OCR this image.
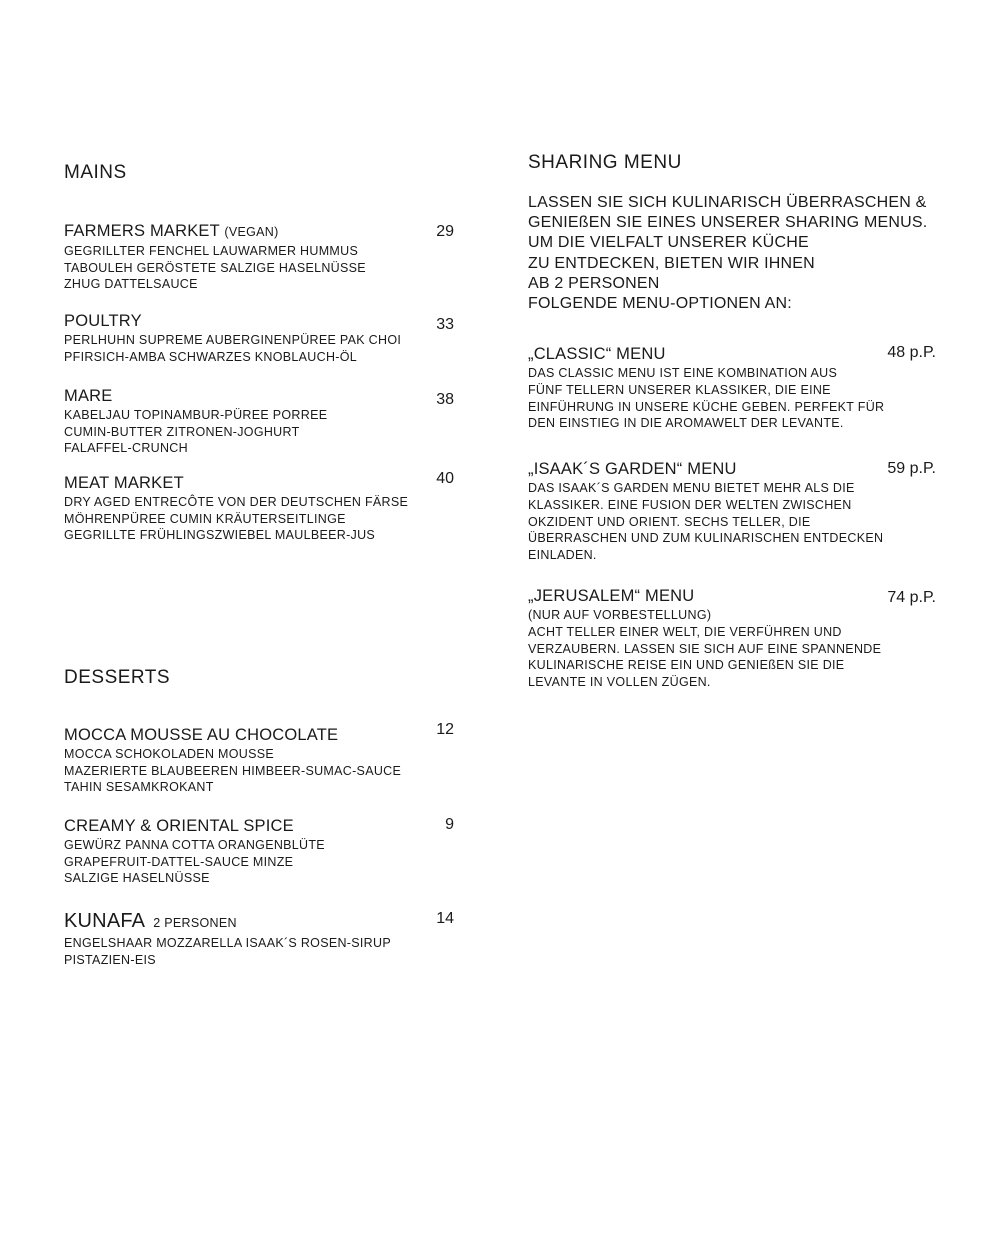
MAINS
FARMERS MARKET (VEGAN)	29
GEGRILLTER FENCHEL LAUWARMER HUMMUS
TABOULEH GERÖSTETE SALZIGE HASELNÜSSE
ZHUG DATTELSAUCE
POULTRY	33
PERLHUHN SUPREME AUBERGINENPÜREE PAK CHOI
PFIRSICH-AMBA SCHWARZES KNOBLAUCH-ÖL
MARE	38
KABELJAU TOPINAMBUR-PÜREE PORREE
CUMIN-BUTTER ZITRONEN-JOGHURT
FALAFFEL-CRUNCH
MEAT MARKET	40
DRY AGED ENTRECÔTE VON DER DEUTSCHEN FÄRSE
MÖHRENPÜREE CUMIN KRÄUTERSEITLINGE
GEGRILLTE FRÜHLINGSZWIEBEL MAULBEER-JUS
DESSERTS
MOCCA MOUSSE AU CHOCOLATE	12
MOCCA SCHOKOLADEN MOUSSE
MAZERIERTE BLAUBEEREN HIMBEER-SUMAC-SAUCE
TAHIN SESAMKROKANT
CREAMY & ORIENTAL SPICE	9
GEWÜRZ PANNA COTTA ORANGENBLÜTE
GRAPEFRUIT-DATTEL-SAUCE MINZE
SALZIGE HASELNÜSSE
KUNAFA 2 PERSONEN	14
ENGELSHAAR MOZZARELLA ISAAK´S ROSEN-SIRUP
PISTAZIEN-EIS
SHARING MENU
LASSEN SIE SICH KULINARISCH ÜBERRASCHEN &
GENIEßEN SIE EINES UNSERER SHARING MENUS.
UM DIE VIELFALT UNSERER KÜCHE
ZU ENTDECKEN, BIETEN WIR IHNEN
AB 2 PERSONEN
FOLGENDE MENU-OPTIONEN AN:
„CLASSIC“ MENU	48 p.P.
DAS CLASSIC MENU IST EINE KOMBINATION AUS
FÜNF TELLERN UNSERER KLASSIKER, DIE EINE
EINFÜHRUNG IN UNSERE KÜCHE GEBEN. PERFEKT FÜR
DEN EINSTIEG IN DIE AROMAWELT DER LEVANTE.
„ISAAK´S GARDEN“ MENU	59 p.P.
DAS ISAAK´S GARDEN MENU BIETET MEHR ALS DIE
KLASSIKER. EINE FUSION DER WELTEN ZWISCHEN
OKZIDENT UND ORIENT. SECHS TELLER, DIE
ÜBERRASCHEN UND ZUM KULINARISCHEN ENTDECKEN
EINLADEN.
„JERUSALEM“ MENU	74 p.P.
(NUR AUF VORBESTELLUNG)
ACHT TELLER EINER WELT, DIE VERFÜHREN UND
VERZAUBERN. LASSEN SIE SICH AUF EINE SPANNENDE
KULINARISCHE REISE EIN UND GENIEßEN SIE DIE
LEVANTE IN VOLLEN ZÜGEN.
